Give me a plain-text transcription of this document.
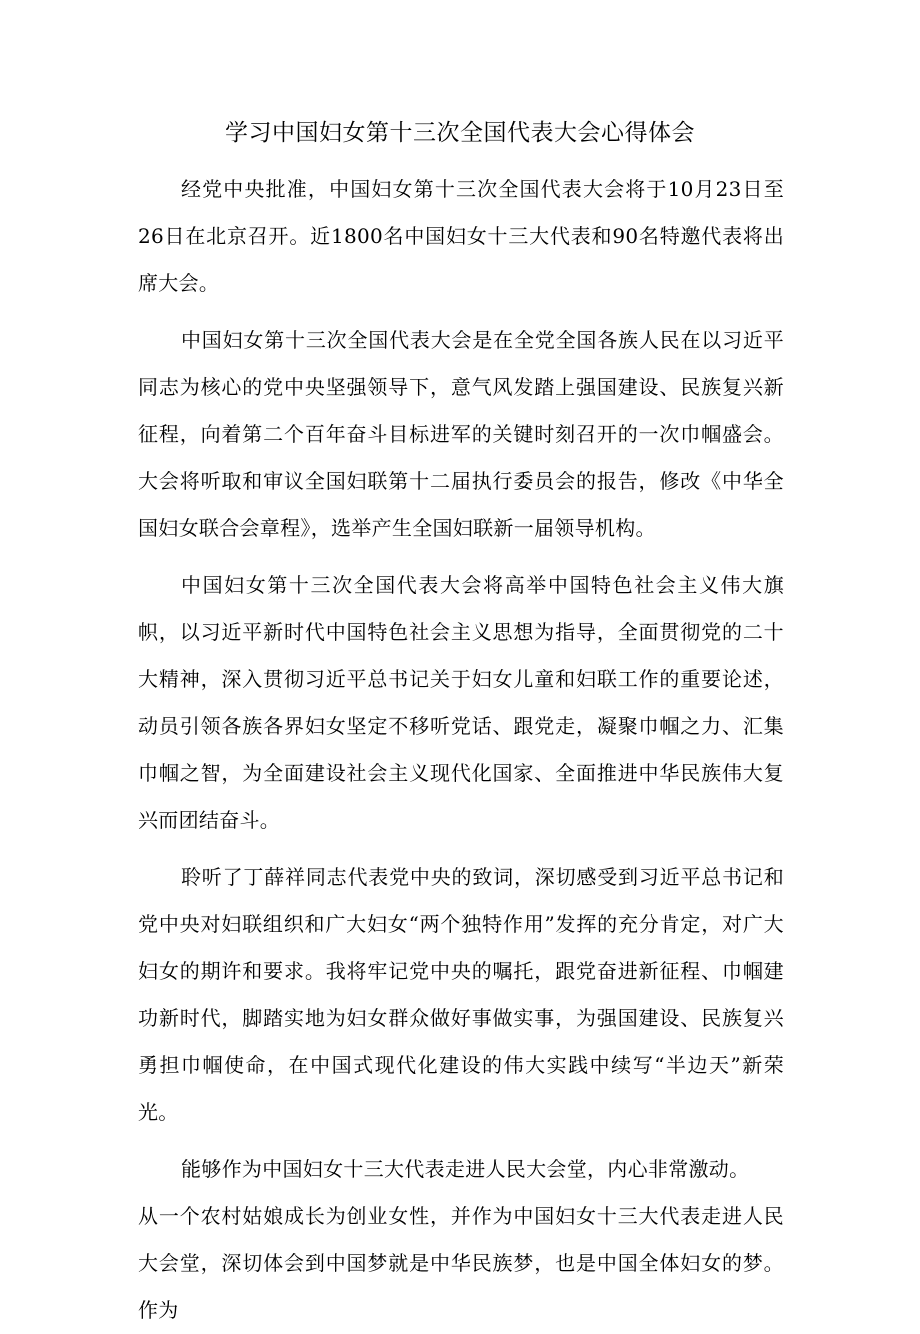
学习中国妇女第十三次全国代表大会心得体会

经党中央批准，中国妇女第十三次全国代表大会将于10月23日至26日在北京召开。近1800名中国妇女十三大代表和90名特邀代表将出席大会。

中国妇女第十三次全国代表大会是在全党全国各族人民在以习近平同志为核心的党中央坚强领导下，意气风发踏上强国建设、民族复兴新征程，向着第二个百年奋斗目标进军的关键时刻召开的一次巾帼盛会。大会将听取和审议全国妇联第十二届执行委员会的报告，修改《中华全国妇女联合会章程》，选举产生全国妇联新一届领导机构。

中国妇女第十三次全国代表大会将高举中国特色社会主义伟大旗帜，以习近平新时代中国特色社会主义思想为指导，全面贯彻党的二十大精神，深入贯彻习近平总书记关于妇女儿童和妇联工作的重要论述，动员引领各族各界妇女坚定不移听党话、跟党走，凝聚巾帼之力、汇集巾帼之智，为全面建设社会主义现代化国家、全面推进中华民族伟大复兴而团结奋斗。

聆听了丁薛祥同志代表党中央的致词，深切感受到习近平总书记和党中央对妇联组织和广大妇女“两个独特作用”发挥的充分肯定，对广大妇女的期许和要求。我将牢记党中央的嘱托，跟党奋进新征程、巾帼建功新时代，脚踏实地为妇女群众做好事做实事，为强国建设、民族复兴勇担巾帼使命，在中国式现代化建设的伟大实践中续写“半边天”新荣光。

能够作为中国妇女十三大代表走进人民大会堂，内心非常激动。

从一个农村姑娘成长为创业女性，并作为中国妇女十三大代表走进人民大会堂，深切体会到中国梦就是中华民族梦，也是中国全体妇女的梦。作为
